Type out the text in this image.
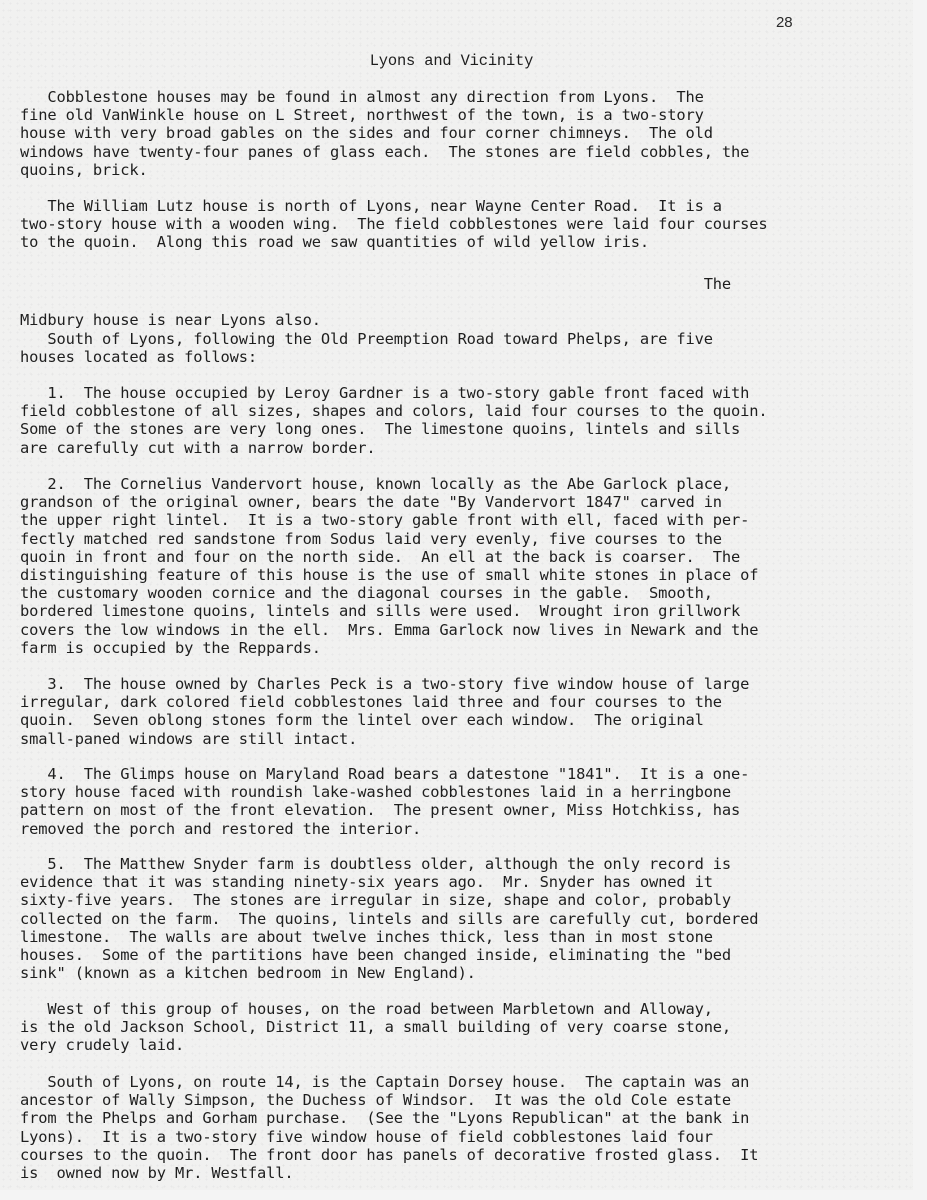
28
Lyons and Vicinity
Cobblestone houses may be found in almost any direction from Lyons.  The
fine old VanWinkle house on L Street, northwest of the town, is a two-story
house with very broad gables on the sides and four corner chimneys.  The old
windows have twenty-four panes of glass each.  The stones are field cobbles, the
quoins, brick.
The William Lutz house is north of Lyons, near Wayne Center Road.  It is a
two-story house with a wooden wing.  The field cobblestones were laid four courses
to the quoin.  Along this road we saw quantities of wild yellow iris.
The

Midbury house is near Lyons also.
South of Lyons, following the Old Preemption Road toward Phelps, are five
houses located as follows:
1.  The house occupied by Leroy Gardner is a two-story gable front faced with
field cobblestone of all sizes, shapes and colors, laid four courses to the quoin.
Some of the stones are very long ones.  The limestone quoins, lintels and sills
are carefully cut with a narrow border.
2.  The Cornelius Vandervort house, known locally as the Abe Garlock place,
grandson of the original owner, bears the date "By Vandervort 1847" carved in
the upper right lintel.  It is a two-story gable front with ell, faced with per-
fectly matched red sandstone from Sodus laid very evenly, five courses to the
quoin in front and four on the north side.  An ell at the back is coarser.  The
distinguishing feature of this house is the use of small white stones in place of
the customary wooden cornice and the diagonal courses in the gable.  Smooth,
bordered limestone quoins, lintels and sills were used.  Wrought iron grillwork
covers the low windows in the ell.  Mrs. Emma Garlock now lives in Newark and the
farm is occupied by the Reppards.
3.  The house owned by Charles Peck is a two-story five window house of large
irregular, dark colored field cobblestones laid three and four courses to the
quoin.  Seven oblong stones form the lintel over each window.  The original
small-paned windows are still intact.
4.  The Glimps house on Maryland Road bears a datestone "1841".  It is a one-
story house faced with roundish lake-washed cobblestones laid in a herringbone
pattern on most of the front elevation.  The present owner, Miss Hotchkiss, has
removed the porch and restored the interior.
5.  The Matthew Snyder farm is doubtless older, although the only record is
evidence that it was standing ninety-six years ago.  Mr. Snyder has owned it
sixty-five years.  The stones are irregular in size, shape and color, probably
collected on the farm.  The quoins, lintels and sills are carefully cut, bordered
limestone.  The walls are about twelve inches thick, less than in most stone
houses.  Some of the partitions have been changed inside, eliminating the "bed
sink" (known as a kitchen bedroom in New England).
West of this group of houses, on the road between Marbletown and Alloway,
is the old Jackson School, District 11, a small building of very coarse stone,
very crudely laid.
South of Lyons, on route 14, is the Captain Dorsey house.  The captain was an
ancestor of Wally Simpson, the Duchess of Windsor.  It was the old Cole estate
from the Phelps and Gorham purchase.  (See the "Lyons Republican" at the bank in
Lyons).  It is a two-story five window house of field cobblestones laid four
courses to the quoin.  The front door has panels of decorative frosted glass.  It
is  owned now by Mr. Westfall.
